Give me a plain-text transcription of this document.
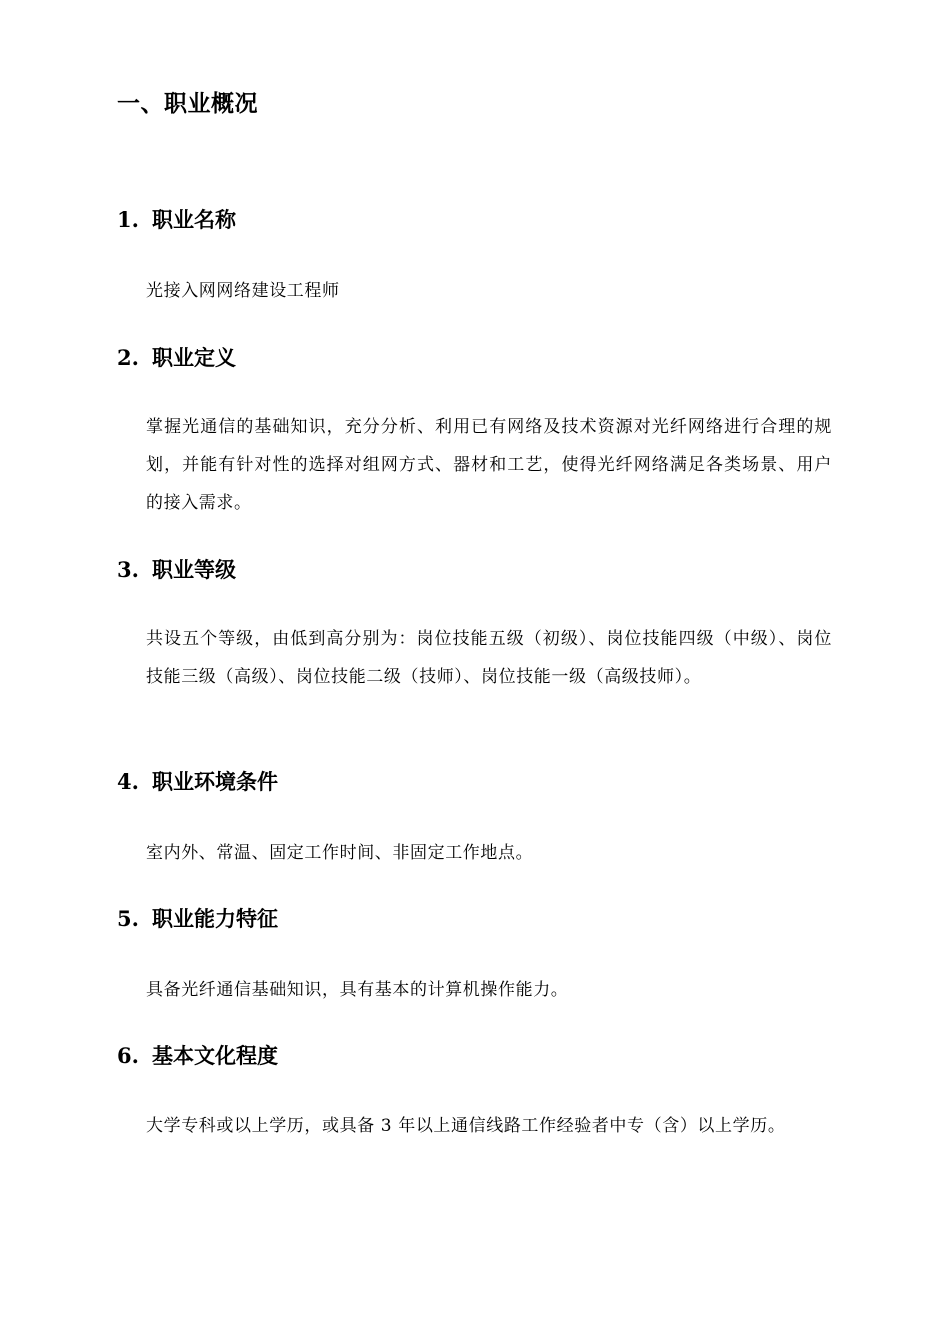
一、职业概况
1. 职业名称

光接入网网络建设工程师

2. 职业定义

掌握光通信的基础知识，充分分析、利用已有网络及技术资源对光纤网络进行合理的规划，并能有针对性的选择对组网方式、器材和工艺，使得光纤网络满足各类场景、用户的接入需求。

3. 职业等级

共设五个等级，由低到高分别为：岗位技能五级（初级）、岗位技能四级（中级）、岗位技能三级（高级）、岗位技能二级（技师）、岗位技能一级（高级技师）。

4. 职业环境条件

室内外、常温、固定工作时间、非固定工作地点。

5. 职业能力特征

具备光纤通信基础知识，具有基本的计算机操作能力。

6. 基本文化程度

大学专科或以上学历，或具备 3 年以上通信线路工作经验者中专（含）以上学历。
